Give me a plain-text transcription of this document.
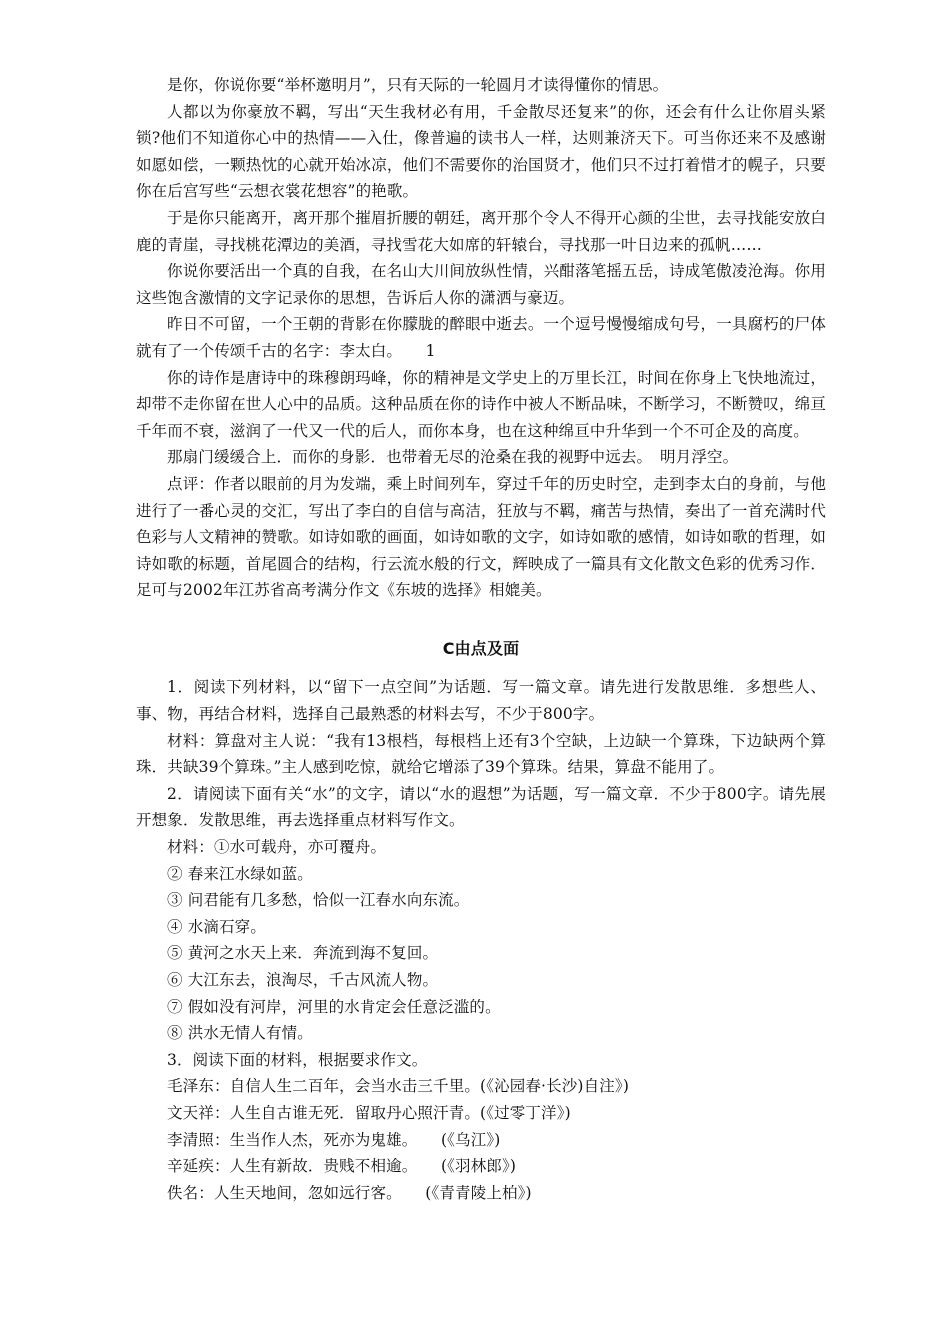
是你，你说你要“举杯邀明月”，只有天际的一轮圆月才读得懂你的情思。

人都以为你豪放不羁，写出“天生我材必有用，千金散尽还复来”的你，还会有什么让你眉头紧锁?他们不知道你心中的热情——入仕，像普遍的读书人一样，达则兼济天下。可当你还来不及感谢如愿如偿，一颗热忱的心就开始冰凉，他们不需要你的治国贤才，他们只不过打着惜才的幌子，只要你在后宫写些“云想衣裳花想容”的艳歌。

于是你只能离开，离开那个摧眉折腰的朝廷，离开那个令人不得开心颜的尘世，去寻找能安放白鹿的青崖，寻找桃花潭边的美酒，寻找雪花大如席的轩辕台，寻找那一叶日边来的孤帆……

你说你要活出一个真的自我，在名山大川间放纵性情，兴酣落笔摇五岳，诗成笔傲凌沧海。你用这些饱含激情的文字记录你的思想，告诉后人你的潇洒与豪迈。

昨日不可留，一个王朝的背影在你朦胧的醉眼中逝去。一个逗号慢慢缩成句号，一具腐朽的尸体就有了一个传颂千古的名字：李太白。　　1

你的诗作是唐诗中的珠穆朗玛峰，你的精神是文学史上的万里长江，时间在你身上飞快地流过，却带不走你留在世人心中的品质。这种品质在你的诗作中被人不断品味，不断学习，不断赞叹，绵亘千年而不衰，滋润了一代又一代的后人，而你本身，也在这种绵亘中升华到一个不可企及的高度。

那扇门缓缓合上．而你的身影．也带着无尽的沧桑在我的视野中远去。　明月浮空。

点评：作者以眼前的月为发端，乘上时间列车，穿过千年的历史时空，走到李太白的身前，与他进行了一番心灵的交汇，写出了李白的自信与高洁，狂放与不羁，痛苦与热情，奏出了一首充满时代色彩与人文精神的赞歌。如诗如歌的画面，如诗如歌的文字，如诗如歌的感情，如诗如歌的哲理，如诗如歌的标题，首尾圆合的结构，行云流水般的行文，辉映成了一篇具有文化散文色彩的优秀习作．足可与2002年江苏省高考满分作文《东坡的选择》相媲美。

C由点及面

1．阅读下列材料，以“留下一点空间”为话题．写一篇文章。请先进行发散思维．多想些人、事、物，再结合材料，选择自己最熟悉的材料去写，不少于800字。

材料：算盘对主人说：“我有13根档，每根档上还有3个空缺，上边缺一个算珠，下边缺两个算珠．共缺39个算珠。”主人感到吃惊，就给它增添了39个算珠。结果，算盘不能用了。

2．请阅读下面有关“水”的文字，请以“水的遐想”为话题，写一篇文章．不少于800字。请先展开想象．发散思维，再去选择重点材料写作文。

材料：①水可载舟，亦可覆舟。

② 春来江水绿如蓝。

③ 问君能有几多愁，恰似一江春水向东流。

④ 水滴石穿。

⑤ 黄河之水天上来．奔流到海不复回。

⑥ 大江东去，浪淘尽，千古风流人物。

⑦ 假如没有河岸，河里的水肯定会任意泛滥的。

⑧ 洪水无情人有情。

3．阅读下面的材料，根据要求作文。

毛泽东：自信人生二百年，会当水击三千里。(《沁园春·长沙)自注》)

文天祥：人生自古谁无死．留取丹心照汗青。(《过零丁洋》)

李清照：生当作人杰，死亦为鬼雄。　　(《乌江》)

辛延疾：人生有新故．贵贱不相逾。　　(《羽林郎》)

佚名：人生天地间，忽如远行客。　　(《青青陵上柏》)
